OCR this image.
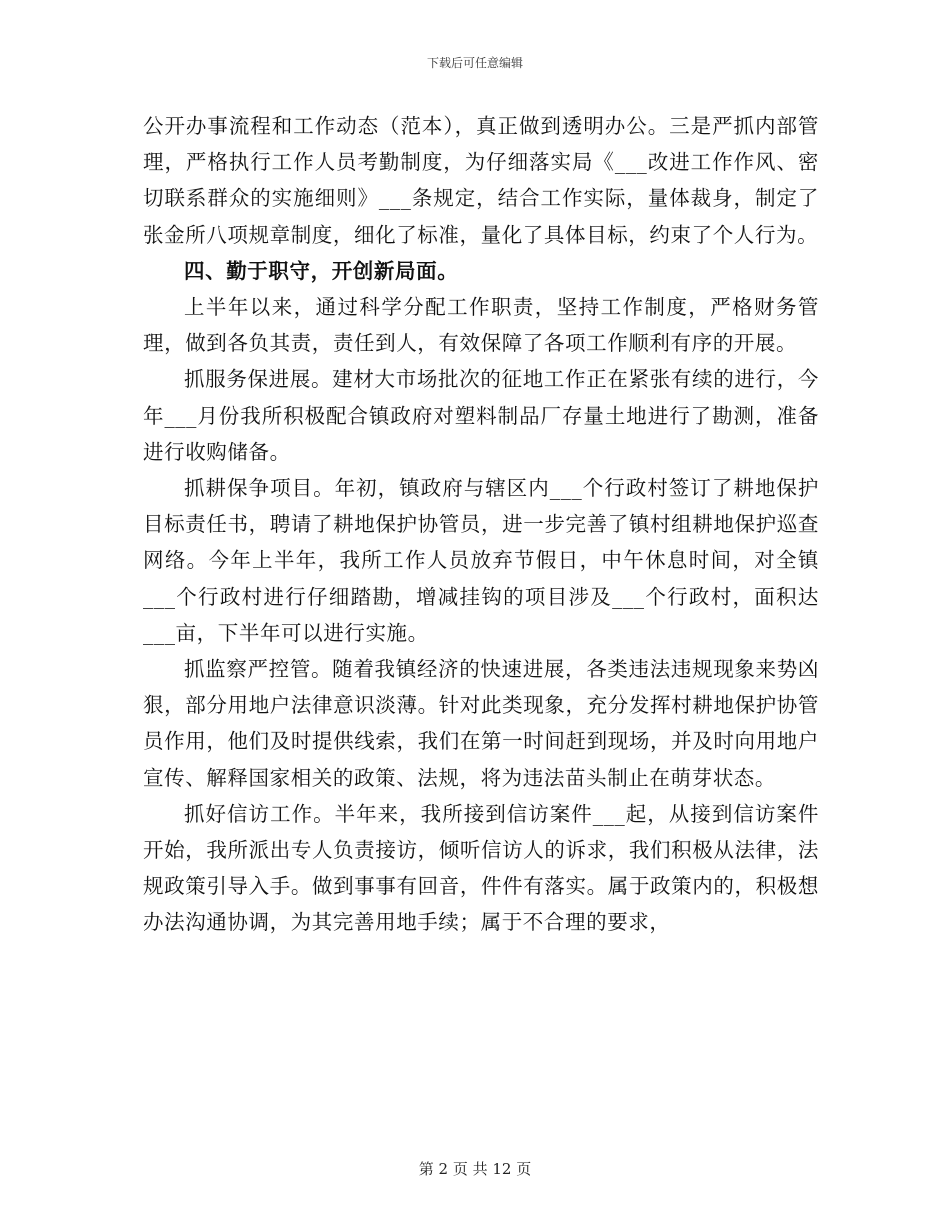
下载后可任意编辑

公开办事流程和工作动态（范本），真正做到透明办公。三是严抓内部管理，严格执行工作人员考勤制度，为仔细落实局《___改进工作作风、密切联系群众的实施细则》___条规定，结合工作实际，量体裁身，制定了张金所八项规章制度，细化了标准，量化了具体目标，约束了个人行为。

四、勤于职守，开创新局面。

上半年以来，通过科学分配工作职责，坚持工作制度，严格财务管理，做到各负其责，责任到人，有效保障了各项工作顺利有序的开展。

抓服务保进展。建材大市场批次的征地工作正在紧张有续的进行，今年___月份我所积极配合镇政府对塑料制品厂存量土地进行了勘测，准备进行收购储备。

抓耕保争项目。年初，镇政府与辖区内___个行政村签订了耕地保护目标责任书，聘请了耕地保护协管员，进一步完善了镇村组耕地保护巡查网络。今年上半年，我所工作人员放弃节假日，中午休息时间，对全镇___个行政村进行仔细踏勘，增减挂钩的项目涉及___个行政村，面积达___亩，下半年可以进行实施。

抓监察严控管。随着我镇经济的快速进展，各类违法违规现象来势凶狠，部分用地户法律意识淡薄。针对此类现象，充分发挥村耕地保护协管员作用，他们及时提供线索，我们在第一时间赶到现场，并及时向用地户宣传、解释国家相关的政策、法规，将为违法苗头制止在萌芽状态。

抓好信访工作。半年来，我所接到信访案件___起，从接到信访案件开始，我所派出专人负责接访，倾听信访人的诉求，我们积极从法律，法规政策引导入手。做到事事有回音，件件有落实。属于政策内的，积极想办法沟通协调，为其完善用地手续；属于不合理的要求，

第 2 页 共 12 页
